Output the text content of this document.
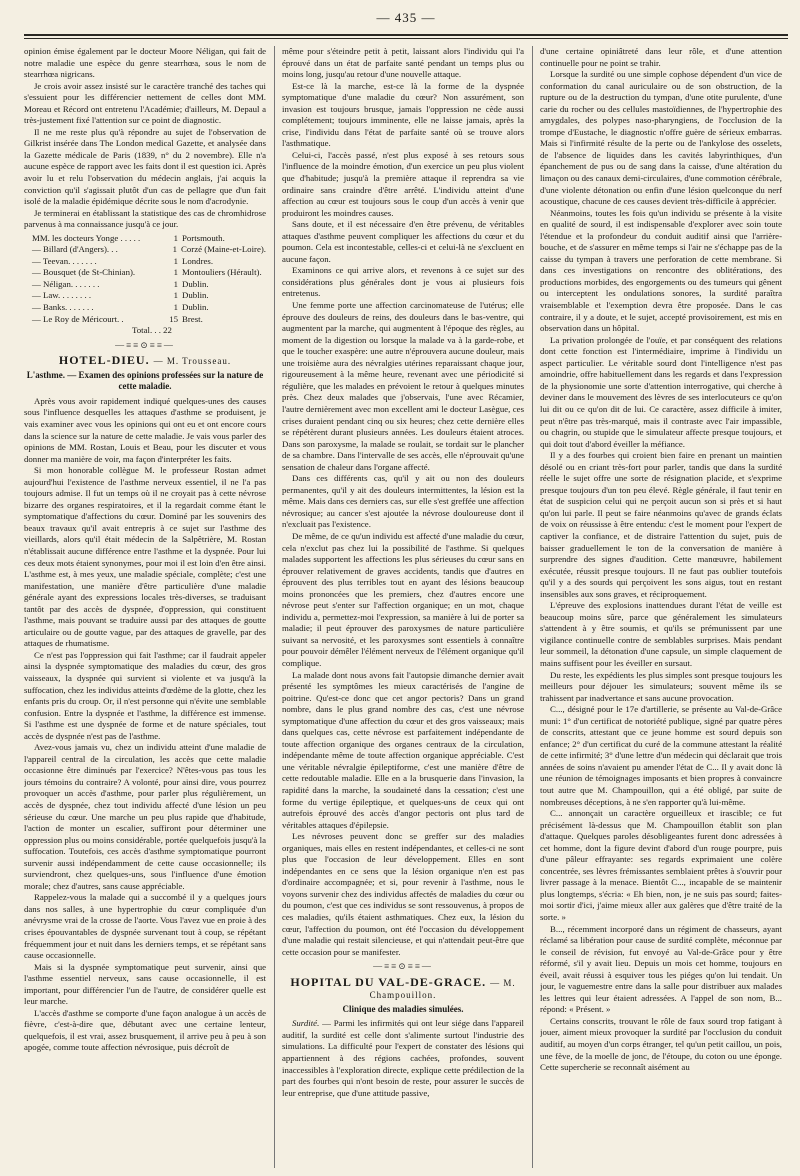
— 435 —

opinion émise également par le docteur Moore Néligan, qui fait de notre maladie une espèce du genre stearrhœa, sous le nom de stearrhœa nigricans.

Je crois avoir assez insisté sur le caractère tranché des taches qui s'essuient pour les différencier nettement de celles dont MM. Moreau et Récord ont entretenu l'Académie; d'ailleurs, M. Depaul a très-justement fixé l'attention sur ce point de diagnostic.

Il ne me reste plus qu'à répondre au sujet de l'observation de Gilkrist insérée dans The London medical Gazette, et analysée dans la Gazette médicale de Paris (1839, n° du 2 novembre). Elle n'a aucune espèce de rapport avec les faits dont il est question ici. Après avoir lu et relu l'observation du médecin anglais, j'ai acquis la conviction qu'il s'agissait plutôt d'un cas de pellagre que d'un fait isolé de la maladie épidémique décrite sous le nom d'acrodynie.

Je terminerai en établissant la statistique des cas de chromhidrose parvenus à ma connaissance jusqu'à ce jour.

MM. les docteurs Yonge . . . . .	1 Portsmouth.
— Billard (d'Angers). . .	1 Corzé (Maine-et-Loire).
— Teevan. . . . . . .	1 Londres.
— Bousquet (de St-Chinian).	1 Montouliers (Hérault).
— Néligan. . . . . . .	1 Dublin.
— Law. . . . . . . .	1 Dublin.
— Banks. . . . . . .	1 Dublin.
— Le Roy de Méricourt. .	15 Brest.
Total. . . 22
—≡≡⊙≡≡—
HOTEL-DIEU. — M. Trousseau.
L'asthme. — Examen des opinions professées sur la nature de cette maladie.

Après vous avoir rapidement indiqué quelques-unes des causes sous l'influence desquelles les attaques d'asthme se produisent, je vais examiner avec vous les opinions qui ont eu et ont encore cours dans la science sur la nature de cette maladie. Je vais vous parler des opinions de MM. Rostan, Louis et Beau, pour les discuter et vous donner ma manière de voir, ma façon d'interpréter les faits.

Si mon honorable collègue M. le professeur Rostan admet aujourd'hui l'existence de l'asthme nerveux essentiel, il ne l'a pas toujours admise. Il fut un temps où il ne croyait pas à cette névrose bizarre des organes respiratoires, et il la regardait comme étant le symptomatique d'affections du cœur. Dominé par les souvenirs des beaux travaux qu'il avait entrepris à ce sujet sur l'asthme des vieillards, alors qu'il était médecin de la Salpêtrière, M. Rostan n'établissait aucune différence entre l'asthme et la dyspnée. Pour lui ces deux mots étaient synonymes, pour moi il est loin d'en être ainsi. L'asthme est, à mes yeux, une maladie spéciale, complète; c'est une manifestation, une manière d'être particulière d'une maladie générale ayant des expressions locales très-diverses, se traduisant tantôt par des accès de dyspnée, d'oppression, qui constituent l'asthme, mais pouvant se traduire aussi par des attaques de goutte articulaire ou de goutte vague, par des attaques de gravelle, par des attaques de rhumatisme.

Ce n'est pas l'oppression qui fait l'asthme; car il faudrait appeler ainsi la dyspnée symptomatique des maladies du cœur, des gros vaisseaux, la dyspnée qui survient si violente et va jusqu'à la suffocation, chez les individus atteints d'œdème de la glotte, chez les enfants pris du croup. Or, il n'est personne qui n'évite une semblable confusion. Entre la dyspnée et l'asthme, la différence est immense. Si l'asthme est une dyspnée de forme et de nature spéciales, tout accès de dyspnée n'est pas de l'asthme.

Avez-vous jamais vu, chez un individu atteint d'une maladie de l'appareil central de la circulation, les accès que cette maladie occasionne être diminués par l'exercice? N'êtes-vous pas tous les jours témoins du contraire? A volonté, pour ainsi dire, vous pourrez provoquer un accès d'asthme, pour parler plus régulièrement, un accès de dyspnée, chez tout individu affecté d'une lésion un peu sérieuse du cœur. Une marche un peu plus rapide que d'habitude, l'action de monter un escalier, suffiront pour déterminer une oppression plus ou moins considérable, portée quelquefois jusqu'à la suffocation. Toutefois, ces accès d'asthme symptomatique pourront survenir aussi indépendamment de cette cause occasionnelle; ils surviendront, chez quelques-uns, sous l'influence d'une émotion morale; chez d'autres, sans cause appréciable.

Rappelez-vous la malade qui a succombé il y a quelques jours dans nos salles, à une hypertrophie du cœur compliquée d'un anévrysme vrai de la crosse de l'aorte. Vous l'avez vue en proie à des crises épouvantables de dyspnée survenant tout à coup, se répétant fréquemment jour et nuit dans les derniers temps, et se répétant sans cause occasionnelle.

Mais si la dyspnée symptomatique peut survenir, ainsi que l'asthme essentiel nerveux, sans cause occasionnelle, il est important, pour différencier l'un de l'autre, de considérer quelle est leur marche.

L'accès d'asthme se comporte d'une façon analogue à un accès de fièvre, c'est-à-dire que, débutant avec une certaine lenteur, quelquefois, il est vrai, assez brusquement, il arrive peu à peu à son apogée, comme toute affection névrosique, puis décroît de

même pour s'éteindre petit à petit, laissant alors l'individu qui l'a éprouvé dans un état de parfaite santé pendant un temps plus ou moins long, jusqu'au retour d'une nouvelle attaque.

Est-ce là la marche, est-ce là la forme de la dyspnée symptomatique d'une maladie du cœur? Non assurément, son invasion est toujours brusque, jamais l'oppression ne cède aussi complétement; toujours imminente, elle ne laisse jamais, après la crise, l'individu dans l'état de parfaite santé où se trouve alors l'asthmatique.

Celui-ci, l'accès passé, n'est plus exposé à ses retours sous l'influence de la moindre émotion, d'un exercice un peu plus violent que d'habitude; jusqu'à la première attaque il reprendra sa vie ordinaire sans craindre d'être arrêté. L'individu atteint d'une affection au cœur est toujours sous le coup d'un accès à venir que produiront les moindres causes.

Sans doute, et il est nécessaire d'en être prévenu, de véritables attaques d'asthme peuvent compliquer les affections du cœur et du poumon. Cela est incontestable, celles-ci et celui-là ne s'excluent en aucune façon.

Examinons ce qui arrive alors, et revenons à ce sujet sur des considérations plus générales dont je vous ai plusieurs fois entretenus.

Une femme porte une affection carcinomateuse de l'utérus; elle éprouve des douleurs de reins, des douleurs dans le bas-ventre, qui augmentent par la marche, qui augmentent à l'époque des règles, au moment de la digestion ou lorsque la malade va à la garde-robe, et que le toucher exaspère: une autre n'éprouvera aucune douleur, mais une troisième aura des névralgies utérines reparaissant chaque jour, rigoureusement à la même heure, revenant avec une périodicité si régulière, que les malades en prévoient le retour à quelques minutes près. Chez deux malades que j'observais, l'une avec Récamier, l'autre dernièrement avec mon excellent ami le docteur Lasègue, ces crises duraient pendant cinq ou six heures; chez cette dernière elles se répétèrent durant plusieurs années. Les douleurs étaient atroces. Dans son paroxysme, la malade se roulait, se tordait sur le plancher de sa chambre. Dans l'intervalle de ses accès, elle n'éprouvait qu'une sensation de chaleur dans l'organe affecté.

Dans ces différents cas, qu'il y ait ou non des douleurs permanentes, qu'il y ait des douleurs intermittentes, la lésion est la même. Mais dans ces derniers cas, sur elle s'est greffée une affection névrosique; au cancer s'est ajoutée la névrose douloureuse dont il n'excluait pas l'existence.

De même, de ce qu'un individu est affecté d'une maladie du cœur, cela n'exclut pas chez lui la possibilité de l'asthme. Si quelques malades supportent les affections les plus sérieuses du cœur sans en éprouver relativement de graves accidents, tandis que d'autres en éprouvent des plus terribles tout en ayant des lésions beaucoup moins prononcées que les premiers, chez d'autres encore une névrose peut s'enter sur l'affection organique; en un mot, chaque individu a, permettez-moi l'expression, sa manière à lui de porter sa maladie; il peut éprouver des paroxysmes de nature particulière suivant sa nervosité, et les paroxysmes sont essentiels à connaître pour pouvoir démêler l'élément nerveux de l'élément organique qu'il complique.

La malade dont nous avons fait l'autopsie dimanche dernier avait présenté les symptômes les mieux caractérisés de l'angine de poitrine. Qu'est-ce donc que cet angor pectoris? Dans un grand nombre, dans le plus grand nombre des cas, c'est une névrose symptomatique d'une affection du cœur et des gros vaisseaux; mais dans quelques cas, cette névrose est parfaitement indépendante de toute affection organique des organes centraux de la circulation, indépendante même de toute affection organique appréciable. C'est une véritable névralgie épileptiforme, c'est une manière d'être de cette redoutable maladie. Elle en a la brusquerie dans l'invasion, la rapidité dans la marche, la soudaineté dans la cessation; c'est une forme du vertige épileptique, et quelques-uns de ceux qui ont autrefois éprouvé des accès d'angor pectoris ont plus tard de véritables attaques d'épilepsie.

Les névroses peuvent donc se greffer sur des maladies organiques, mais elles en restent indépendantes, et celles-ci ne sont plus que l'occasion de leur développement. Elles en sont indépendantes en ce sens que la lésion organique n'en est pas d'ordinaire accompagnée; et si, pour revenir à l'asthme, nous le voyons survenir chez des individus affectés de maladies du cœur ou du poumon, c'est que ces individus se sont ressouvenus, à propos de ces maladies, qu'ils étaient asthmatiques. Chez eux, la lésion du cœur, l'affection du poumon, ont été l'occasion du développement d'une maladie qui restait silencieuse, et qui n'attendait peut-être que cette occasion pour se manifester.

—≡≡⊙≡≡—
HOPITAL DU VAL-DE-GRACE. — M. Champouillon.
Clinique des maladies simulées.

Surdité. — Parmi les infirmités qui ont leur siége dans l'appareil auditif, la surdité est celle dont s'alimente surtout l'industrie des simulations. La difficulté pour l'expert de constater des lésions qui appartiennent à des régions cachées, profondes, souvent inaccessibles à l'exploration directe, explique cette prédilection de la part des fourbes qui n'ont besoin de reste, pour assurer le succès de leur entreprise, que d'une attitude passive,

d'une certaine opiniâtreté dans leur rôle, et d'une attention continuelle pour ne point se trahir.

Lorsque la surdité ou une simple cophose dépendent d'un vice de conformation du canal auriculaire ou de son obstruction, de la rupture ou de la destruction du tympan, d'une otite purulente, d'une carie du rocher ou des cellules mastoïdiennes, de l'hypertrophie des amygdales, des polypes naso-pharyngiens, de l'occlusion de la trompe d'Eustache, le diagnostic n'offre guère de sérieux embarras. Mais si l'infirmité résulte de la perte ou de l'ankylose des osselets, de l'absence de liquides dans les cavités labyrinthiques, d'un épanchement de pus ou de sang dans la caisse, d'une altération du limaçon ou des canaux demi-circulaires, d'une commotion cérébrale, d'une violente détonation ou enfin d'une lésion quelconque du nerf acoustique, chacune de ces causes devient très-difficile à apprécier.

Néanmoins, toutes les fois qu'un individu se présente à la visite en qualité de sourd, il est indispensable d'explorer avec soin toute l'étendue et la profondeur du conduit auditif ainsi que l'arrière-bouche, et de s'assurer en même temps si l'air ne s'échappe pas de la caisse du tympan à travers une perforation de cette membrane. Si dans ces investigations on rencontre des oblitérations, des productions morbides, des engorgements ou des tumeurs qui gênent ou interceptent les ondulations sonores, la surdité paraîtra vraisemblable et l'exemption devra être proposée. Dans le cas contraire, il y a doute, et le sujet, accepté provisoirement, est mis en observation dans un hôpital.

La privation prolongée de l'ouïe, et par conséquent des relations dont cette fonction est l'intermédiaire, imprime à l'individu un aspect particulier. Le véritable sourd dont l'intelligence n'est pas amoindrie, offre habituellement dans les regards et dans l'expression de la physionomie une sorte d'attention interrogative, qui cherche à deviner dans le mouvement des lèvres de ses interlocuteurs ce qu'on lui dit ou ce qu'on dit de lui. Ce caractère, assez difficile à imiter, peut n'être pas très-marqué, mais il contraste avec l'air impassible, ou chagrin, ou stupide que le simulateur affecte presque toujours, et qui doit tout d'abord éveiller la méfiance.

Il y a des fourbes qui croient bien faire en prenant un maintien désolé ou en criant très-fort pour parler, tandis que dans la surdité réelle le sujet offre une sorte de résignation placide, et s'exprime presque toujours d'un ton peu élevé. Règle générale, il faut tenir en état de suspicion celui qui ne perçoit aucun son si près et si haut qu'on lui parle. Il peut se faire néanmoins qu'avec de grands éclats de voix on réussisse à être entendu: c'est le moment pour l'expert de captiver la confiance, et de distraire l'attention du sujet, puis de baisser graduellement le ton de la conversation de manière à surprendre des signes d'audition. Cette manœuvre, habilement exécutée, réussit presque toujours. Il ne faut pas oublier toutefois qu'il y a des sourds qui perçoivent les sons aigus, tout en restant insensibles aux sons graves, et réciproquement.

L'épreuve des explosions inattendues durant l'état de veille est beaucoup moins sûre, parce que généralement les simulateurs s'attendent à y être soumis, et qu'ils se prémunissent par une vigilance continuelle contre de semblables surprises. Mais pendant leur sommeil, la détonation d'une capsule, un simple claquement de mains suffisent pour les éveiller en sursaut.

Du reste, les expédients les plus simples sont presque toujours les meilleurs pour déjouer les simulateurs; souvent même ils se trahissent par inadvertance et sans aucune provocation.

C..., désigné pour le 17e d'artillerie, se présente au Val-de-Grâce muni: 1° d'un certificat de notoriété publique, signé par quatre pères de conscrits, attestant que ce jeune homme est sourd depuis son enfance; 2° d'un certificat du curé de la commune attestant la réalité de cette infirmité; 3° d'une lettre d'un médecin qui déclarait que trois années de soins n'avaient pu amender l'état de C... Il y avait donc là une réunion de témoignages imposants et bien propres à convaincre tout autre que M. Champouillon, qui a été obligé, par suite de nombreuses déceptions, à ne s'en rapporter qu'à lui-même.

C... annonçait un caractère orgueilleux et irascible; ce fut précisément là-dessus que M. Champouillon établit son plan d'attaque. Quelques paroles désobligeantes furent donc adressées à cet homme, dont la figure devint d'abord d'un rouge pourpre, puis d'une pâleur effrayante: ses regards exprimaient une colère concentrée, ses lèvres frémissantes semblaient prêtes à s'ouvrir pour livrer passage à la menace. Bientôt C..., incapable de se maintenir plus longtemps, s'écria: « Eh bien, non, je ne suis pas sourd; faites-moi sortir d'ici, j'aime mieux aller aux galères que d'être traité de la sorte. »

B..., récemment incorporé dans un régiment de chasseurs, ayant réclamé sa libération pour cause de surdité complète, méconnue par le conseil de révision, fut envoyé au Val-de-Grâce pour y être réformé, s'il y avait lieu. Depuis un mois cet homme, toujours en éveil, avait réussi à esquiver tous les piéges qu'on lui tendait. Un jour, le vaguemestre entre dans la salle pour distribuer aux malades les lettres qui leur étaient adressées. A l'appel de son nom, B... répond: « Présent. »

Certains conscrits, trouvant le rôle de faux sourd trop fatigant à jouer, aiment mieux provoquer la surdité par l'occlusion du conduit auditif, au moyen d'un corps étranger, tel qu'un petit caillou, un pois, une fève, de la moelle de jonc, de l'étoupe, du coton ou une éponge. Cette supercherie se reconnaît aisément au
